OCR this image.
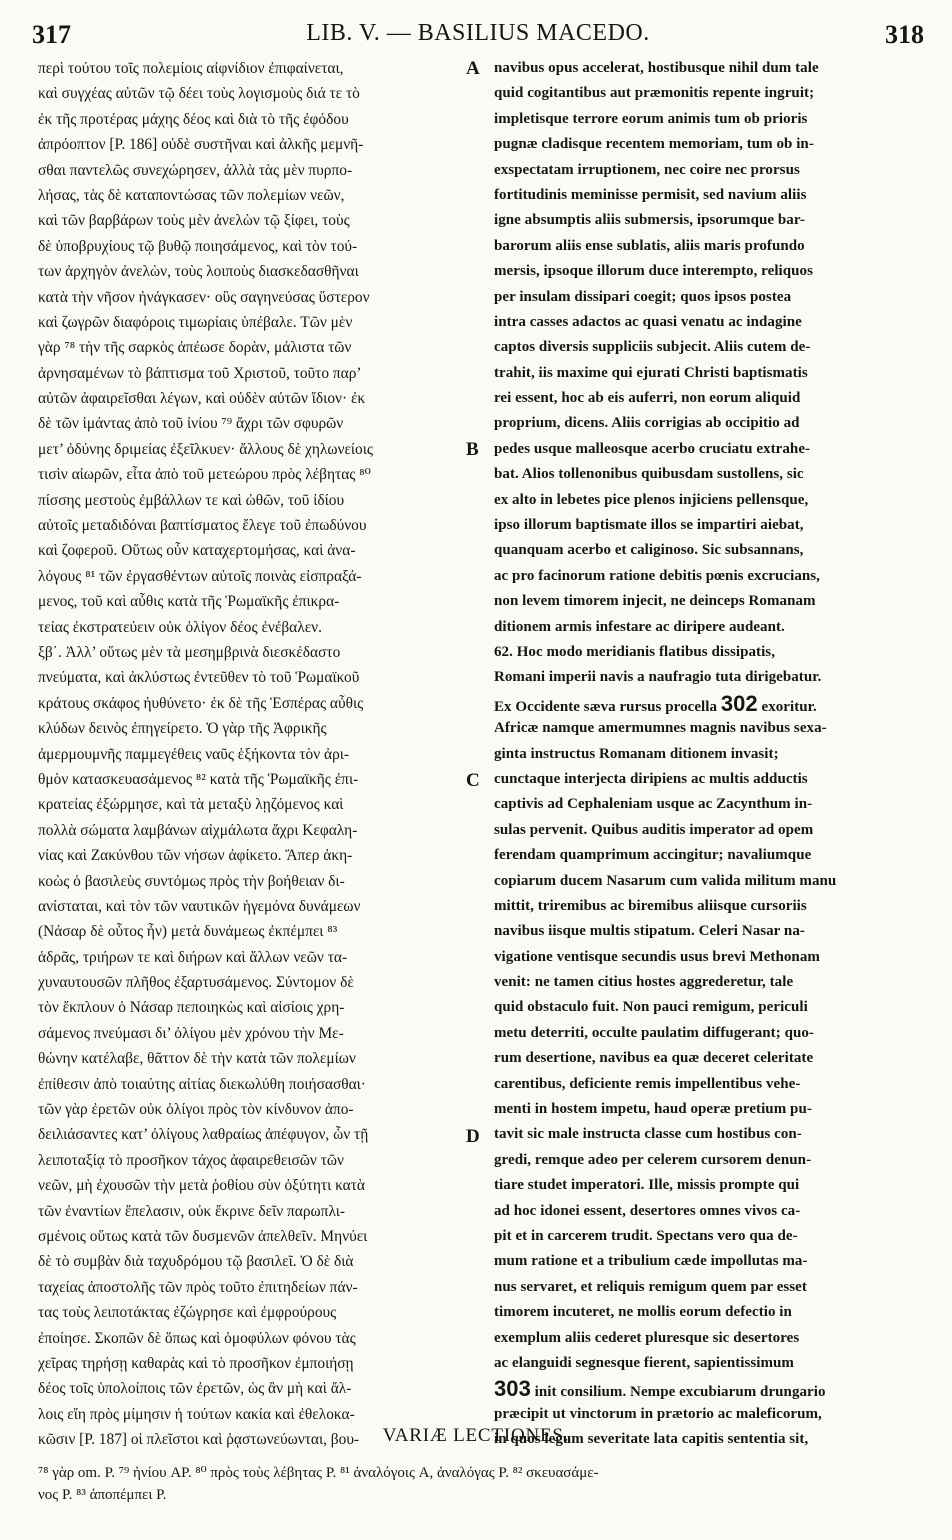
317	LIB. V. — BASILIUS MACEDO.	318
περὶ τούτου τοῖς πολεμίοις αἰφνίδιον ἐπιφαίνεται,
καὶ συγχέας αὐτῶν τῷ δέει τοὺς λογισμοὺς διά τε τὸ
ἐκ τῆς προτέρας μάχης δέος καὶ διὰ τὸ τῆς ἐφόδου
ἀπρόοπτον [P. 186] οὐδὲ συστῆναι καὶ ἀλκῆς μεμνῆ-
σθαι παντελῶς συνεχώρησεν, ἀλλὰ τὰς μὲν πυρπο-
λήσας, τὰς δὲ καταποντώσας τῶν πολεμίων νεῶν,
καὶ τῶν βαρβάρων τοὺς μὲν ἀνελὼν τῷ ξίφει, τοὺς
δὲ ὑποβρυχίους τῷ βυθῷ ποιησάμενος, καὶ τὸν τού-
των ἀρχηγὸν ἀνελὼν, τοὺς λοιποὺς διασκεδασθῆναι
κατὰ τὴν νῆσον ἠνάγκασεν· οὓς σαγηνεύσας ὕστερον
καὶ ζωγρῶν διαφόροις τιμωρίαις ὑπέβαλε. Τῶν μὲν
γὰρ ⁷⁸ τὴν τῆς σαρκὸς ἀπέωσε δορὰν, μάλιστα τῶν
ἀρνησαμένων τὸ βάπτισμα τοῦ Χριστοῦ, τοῦτο παρ’
αὐτῶν ἀφαιρεῖσθαι λέγων, καὶ οὐδὲν αὐτῶν ἴδιον· ἐκ
δὲ τῶν ἱμάντας ἀπὸ τοῦ ἰνίου ⁷⁹ ἄχρι τῶν σφυρῶν
μετ’ ὀδύνης δριμείας ἐξεῖλκυεν· ἄλλους δὲ χηλωνείοις
τισὶν αἰωρῶν, εἶτα ἀπὸ τοῦ μετεώρου πρὸς λέβητας ⁸⁰
πίσσης μεστοὺς ἐμβάλλων τε καὶ ὠθῶν, τοῦ ἰδίου
αὐτοῖς μεταδιδόναι βαπτίσματος ἔλεγε τοῦ ἐπωδύνου
καὶ ζοφεροῦ. Οὕτως οὖν καταχερτομήσας, καὶ ἀνα-
λόγους ⁸¹ τῶν ἐργασθέντων αὐτοῖς ποινὰς εἰσπραξά-
μενος, τοῦ καὶ αὖθις κατὰ τῆς Ῥωμαϊκῆς ἐπικρα-
τείας ἐκστρατεύειν οὐκ ὀλίγον δέος ἐνέβαλεν.
ξβ΄. Ἀλλ’ οὕτως μὲν τὰ μεσημβρινὰ διεσκέδαστο
πνεύματα, καὶ ἀκλύστως ἐντεῦθεν τὸ τοῦ Ῥωμαϊκοῦ
κράτους σκάφος ἠυθύνετο· ἐκ δὲ τῆς Ἑσπέρας αὖθις
κλύδων δεινὸς ἐπηγείρετο. Ὁ γὰρ τῆς Ἀφρικῆς
ἀμερμουμνῆς παμμεγέθεις ναῦς ἑξήκοντα τὸν ἀρι-
θμὸν κατασκευασάμενος ⁸² κατὰ τῆς Ῥωμαϊκῆς ἐπι-
κρατείας ἐξώρμησε, καὶ τὰ μεταξὺ λῃζόμενος καὶ
πολλὰ σώματα λαμβάνων αἰχμάλωτα ἄχρι Κεφαλη-
νίας καὶ Ζακύνθου τῶν νήσων ἀφίκετο. Ἅπερ ἀκη-
κοὼς ὁ βασιλεὺς συντόμως πρὸς τὴν βοήθειαν δι-
ανίσταται, καὶ τὸν τῶν ναυτικῶν ἡγεμόνα δυνάμεων
(Νάσαρ δὲ οὗτος ἦν) μετὰ δυνάμεως ἐκπέμπει ⁸³
ἁδρᾶς, τριήρων τε καὶ διήρων καὶ ἄλλων νεῶν τα-
χυναυτουσῶν πλῆθος ἐξαρτυσάμενος. Σύντομον δὲ
τὸν ἔκπλουν ὁ Νάσαρ πεποιηκὼς καὶ αἰσίοις χρη-
σάμενος πνεύμασι δι’ ὀλίγου μὲν χρόνου τὴν Με-
θώνην κατέλαβε, θᾶττον δὲ τὴν κατὰ τῶν πολεμίων
ἐπίθεσιν ἀπὸ τοιαύτης αἰτίας διεκωλύθη ποιήσασθαι·
τῶν γὰρ ἐρετῶν οὐκ ὀλίγοι πρὸς τὸν κίνδυνον ἀπο-
δειλιάσαντες κατ’ ὀλίγους λαθραίως ἀπέφυγον, ὧν τῇ
λειποταξίᾳ τὸ προσῆκον τάχος ἀφαιρεθεισῶν τῶν
νεῶν, μὴ ἐχουσῶν τὴν μετὰ ῥοθίου σὺν ὀξύτητι κατὰ
τῶν ἐναντίων ἔπελασιν, οὐκ ἔκρινε δεῖν παρωπλι-
σμένοις οὕτως κατὰ τῶν δυσμενῶν ἀπελθεῖν. Μηνύει
δὲ τὸ συμβὰν διὰ ταχυδρόμου τῷ βασιλεῖ. Ὁ δὲ διὰ
ταχείας ἀποστολῆς τῶν πρὸς τοῦτο ἐπιτηδείων πάν-
τας τοὺς λειποτάκτας ἐζώγρησε καὶ ἐμφρούρους
ἐποίησε. Σκοπῶν δὲ ὅπως καὶ ὁμοφύλων φόνου τὰς
χεῖρας τηρήσῃ καθαρὰς καὶ τὸ προσῆκον ἐμποιήσῃ
δέος τοῖς ὑπολοίποις τῶν ἐρετῶν, ὡς ἂν μὴ καὶ ἄλ-
λοις εἴη πρὸς μίμησιν ἡ τούτων κακία καὶ ἐθελοκα-
κῶσιν [P. 187] οἱ πλεῖστοι καὶ ῥᾳστωνεύωνται, βου-
navibus opus accelerat, hostibusque nihil dum tale
quid cogitantibus aut præmonitis repente ingruit;
impletisque terrore eorum animis tum ob prioris
pugnæ cladisque recentem memoriam, tum ob in-
exspectatam irruptionem, nec coire nec prorsus
fortitudinis meminisse permisit, sed navium aliis
igne absumptis aliis submersis, ipsorumque bar-
barorum aliis ense sublatis, aliis maris profundo
mersis, ipsoque illorum duce interempto, reliquos
per insulam dissipari coegit; quos ipsos postea
intra casses adactos ac quasi venatu ac indagine
captos diversis suppliciis subjecit. Aliis cutem de-
trahit, iis maxime qui ejurati Christi baptismatis
rei essent, hoc ab eis auferri, non eorum aliquid
proprium, dicens. Aliis corrigias ab occipitio ad
pedes usque malleosque acerbo cruciatu extrahe-
bat. Alios tollenonibus quibusdam sustollens, sic
ex alto in lebetes pice plenos injiciens pellensque,
ipso illorum baptismate illos se impartiri aiebat,
quanquam acerbo et caliginoso. Sic subsannans,
ac pro facinorum ratione debitis pœnis excrucians,
non levem timorem injecit, ne deinceps Romanam
ditionem armis infestare ac diripere audeant.
62. Hoc modo meridianis flatibus dissipatis,
Romani imperii navis a naufragio tuta dirigebatur.
Ex Occidente sæva rursus procella 302 exoritur.
Africæ namque amermumnes magnis navibus sexa-
ginta instructus Romanam ditionem invasit;
cunctaque interjecta diripiens ac multis adductis
captivis ad Cephaleniam usque ac Zacynthum in-
sulas pervenit. Quibus auditis imperator ad opem
ferendam quamprimum accingitur; navaliumque
copiarum ducem Nasarum cum valida militum manu
mittit, triremibus ac biremibus aliisque cursoriis
navibus iisque multis stipatum. Celeri Nasar na-
vigatione ventisque secundis usus brevi Methonam
venit: ne tamen citius hostes aggrederetur, tale
quid obstaculo fuit. Non pauci remigum, periculi
metu deterriti, occulte paulatim diffugerant; quo-
rum desertione, navibus ea quæ deceret celeritate
carentibus, deficiente remis impellentibus vehe-
menti in hostem impetu, haud operæ pretium pu-
tavit sic male instructa classe cum hostibus con-
gredi, remque adeo per celerem cursorem denun-
tiare studet imperatori. Ille, missis prompte qui
ad hoc idonei essent, desertores omnes vivos ca-
pit et in carcerem trudit. Spectans vero qua de-
mum ratione et a tribulium cæde impollutas ma-
nus servaret, et reliquis remigum quem par esset
timorem incuteret, ne mollis eorum defectio in
exemplum aliis cederet pluresque sic desertores
ac elanguidi segnesque fierent, sapientissimum
303 init consilium. Nempe excubiarum drungario
præcipit ut vinctorum in prætorio ac maleficorum,
in quos legum severitate lata capitis sententia sit,
A
B
C
D
VARIÆ LECTIONES.
⁷⁸ γὰρ om. P. ⁷⁹ ἠνίου AP. ⁸⁰ πρὸς τοὺς λέβητας P. ⁸¹ ἀναλόγοις A, ἀναλόγας P. ⁸² σκευασάμε-
νος P. ⁸³ ἀποπέμπει P.
